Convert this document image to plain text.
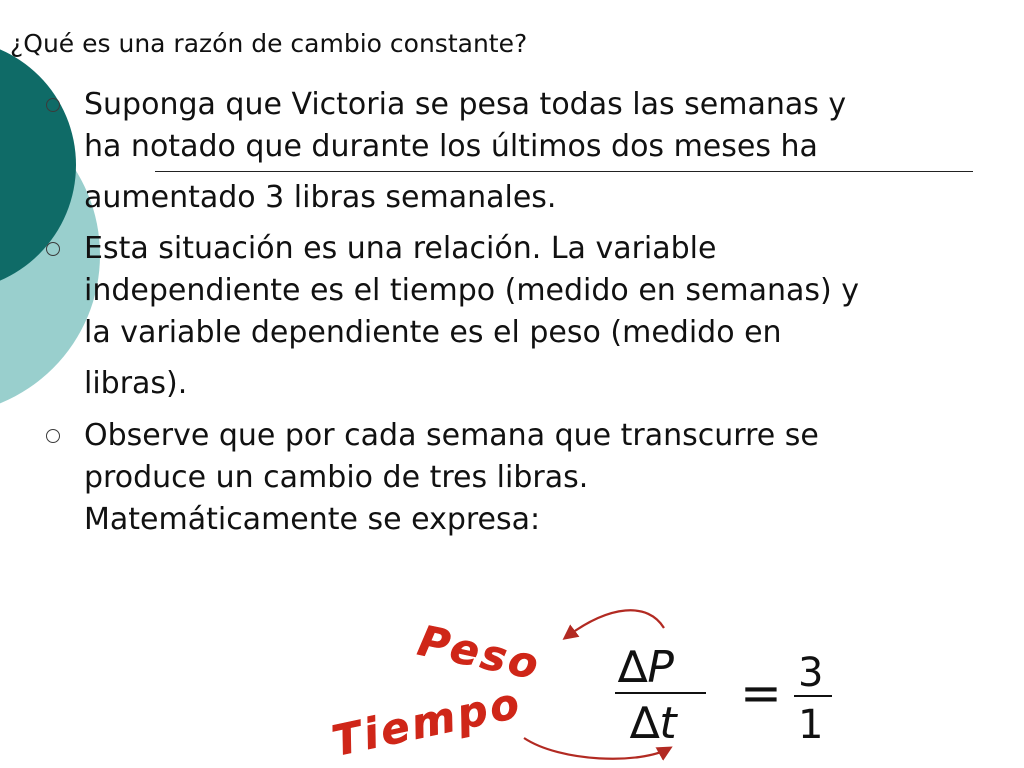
¿Qué es una razón de cambio constante?
Suponga que Victoria se pesa todas las semanas y
ha notado que durante los últimos dos meses ha
aumentado 3 libras semanales.
Esta situación es una relación. La variable
independiente es el tiempo (medido en semanas) y
la variable dependiente es el peso (medido en
libras).
Observe que por cada semana que transcurre se
produce un cambio de tres libras.
Matemáticamente se expresa:
Peso
Tiempo
∆P
∆t
= 3
1
